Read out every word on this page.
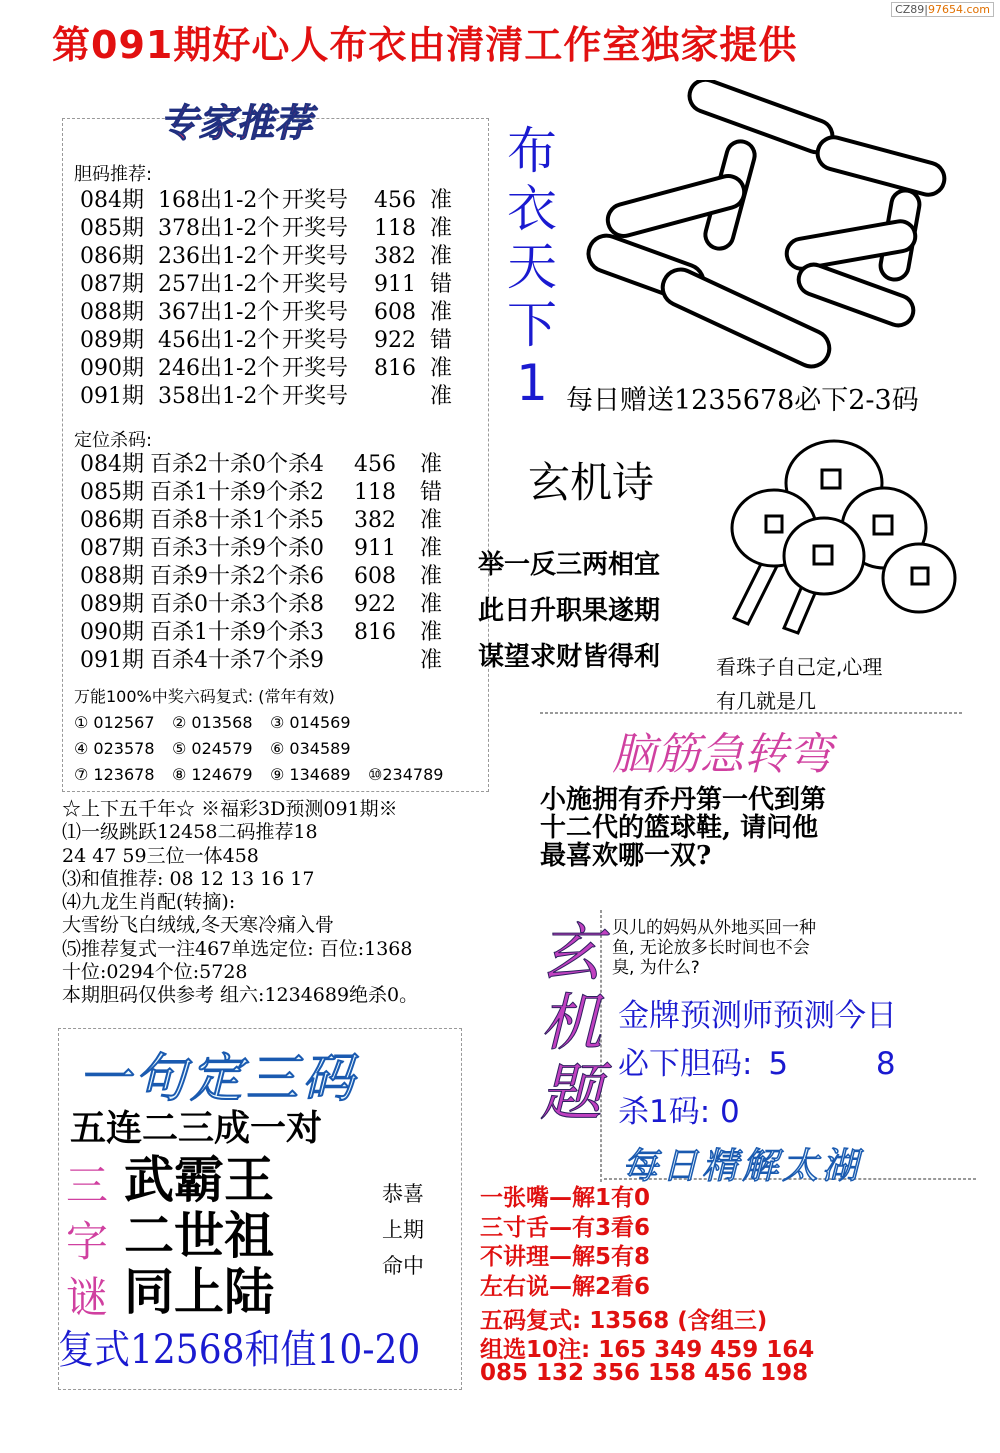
CZ89|97654.com
第091期好心人布衣由清清工作室独家提供
专家推荐
胆码推荐:
084期 168出1-2个 开奖号 456 准
085期 378出1-2个 开奖号 118 准
086期 236出1-2个 开奖号 382 准
087期 257出1-2个 开奖号 911 错
088期 367出1-2个 开奖号 608 准
089期 456出1-2个 开奖号 922 错
090期 246出1-2个 开奖号 816 准
091期 358出1-2个 开奖号	准
定位杀码:
084期 百杀2十杀0个杀4 456 准
085期 百杀1十杀9个杀2 118 错
086期 百杀8十杀1个杀5 382 准
087期 百杀3十杀9个杀0 911 准
088期 百杀9十杀2个杀6 608 准
089期 百杀0十杀3个杀8 922 准
090期 百杀1十杀9个杀3 816 准
091期 百杀4十杀7个杀9	准
万能100%中奖六码复式: (常年有效)
① 012567 ② 013568 ③ 014569
④ 023578 ⑤ 024579 ⑥ 034589
⑦ 123678 ⑧ 124679 ⑨ 134689 ⑩234789
☆上下五千年☆ ※福彩3D预测091期※
⑴一级跳跃12458二码推荐18
24 47 59三位一体458
⑶和值推荐: 08 12 13 16 17
⑷九龙生肖配(转摘):
大雪纷飞白绒绒,冬天寒冷痛入骨
⑸推荐复式一注467单选定位: 百位:1368
十位:0294个位:5728
本期胆码仅供参考 组六:1234689绝杀0。
布
衣
天
下
1 每日赠送1235678必下2-3码
玄机诗
举一反三两相宜
此日升职果遂期
谋望求财皆得利	看珠子自己定,心理
有几就是几
脑筋急转弯
小施拥有乔丹第一代到第
十二代的篮球鞋, 请问他
最喜欢哪一双?
玄
机
题
贝儿的妈妈从外地买回一种
鱼, 无论放多长时间也不会
臭, 为什么?
金牌预测师预测今日
必下胆码: 5	8
杀1码: 0
一句定三码
五连二三成一对
三
字
谜
武霸王
二世祖
同上陆
恭喜
上期
命中
复式12568和值10-20
每日精解太湖
一张嘴—解1有0
三寸舌—有3看6
不讲理—解5有8
左右说—解2看6
五码复式: 13568 (含组三)
组选10注: 165 349 459 164
085 132 356 158 456 198
